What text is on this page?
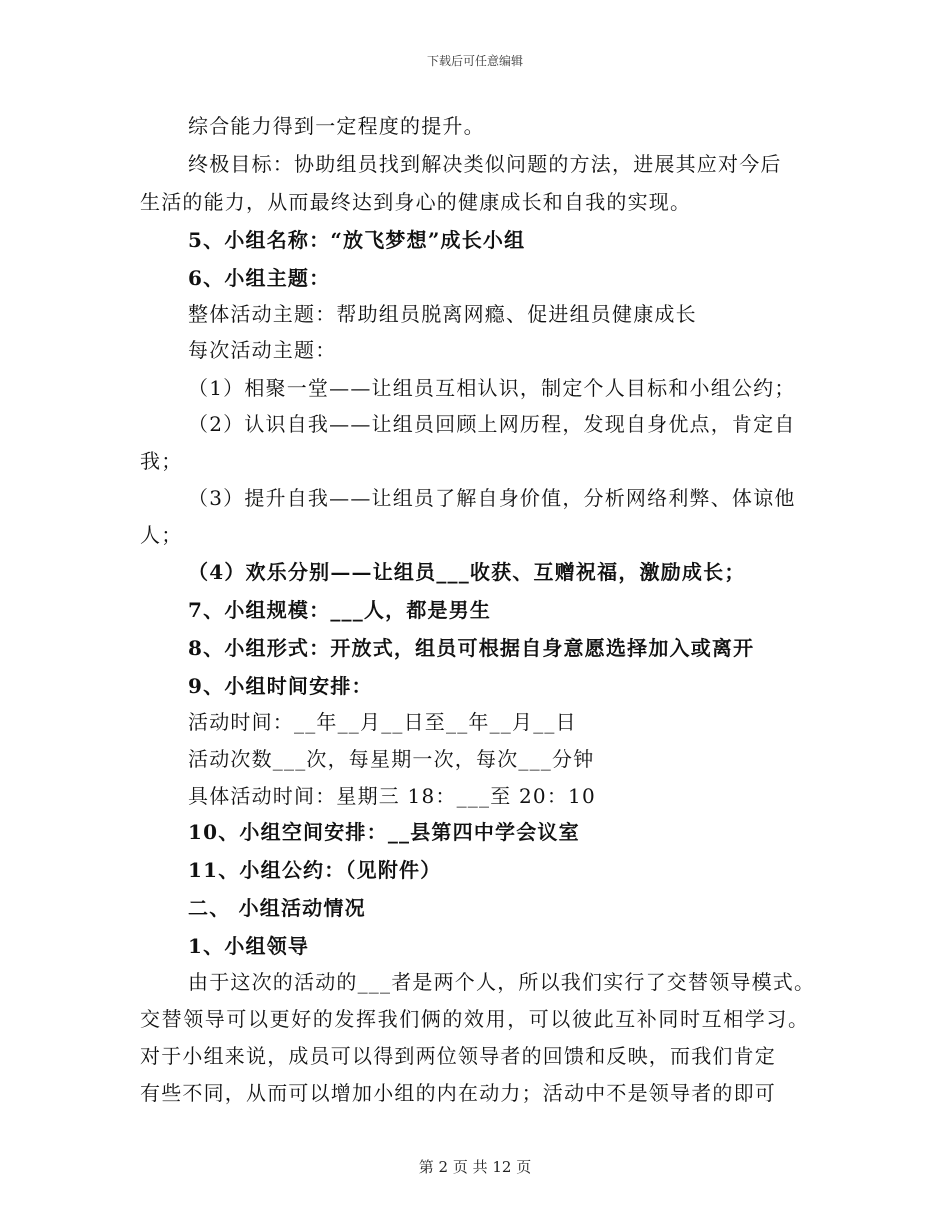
下载后可任意编辑
综合能力得到一定程度的提升。
终极目标：协助组员找到解决类似问题的方法，进展其应对今后
生活的能力，从而最终达到身心的健康成长和自我的实现。
5、小组名称：“放飞梦想”成长小组
6、小组主题：
整体活动主题：帮助组员脱离网瘾、促进组员健康成长
每次活动主题：
（1）相聚一堂——让组员互相认识，制定个人目标和小组公约；
（2）认识自我——让组员回顾上网历程，发现自身优点，肯定自
我；
（3）提升自我——让组员了解自身价值，分析网络利弊、体谅他
人；
（4）欢乐分别——让组员___收获、互赠祝福，激励成长；
7、小组规模：___人，都是男生
8、小组形式：开放式，组员可根据自身意愿选择加入或离开
9、小组时间安排：
活动时间：__年__月__日至__年__月__日
活动次数___次，每星期一次，每次___分钟
具体活动时间：星期三 18：___至 20：10
10、小组空间安排：__县第四中学会议室
11、小组公约：（见附件）
二、 小组活动情况
1、小组领导
由于这次的活动的___者是两个人，所以我们实行了交替领导模式。
交替领导可以更好的发挥我们俩的效用，可以彼此互补同时互相学习。
对于小组来说，成员可以得到两位领导者的回馈和反映，而我们肯定
有些不同，从而可以增加小组的内在动力；活动中不是领导者的即可
第 2 页 共 12 页
